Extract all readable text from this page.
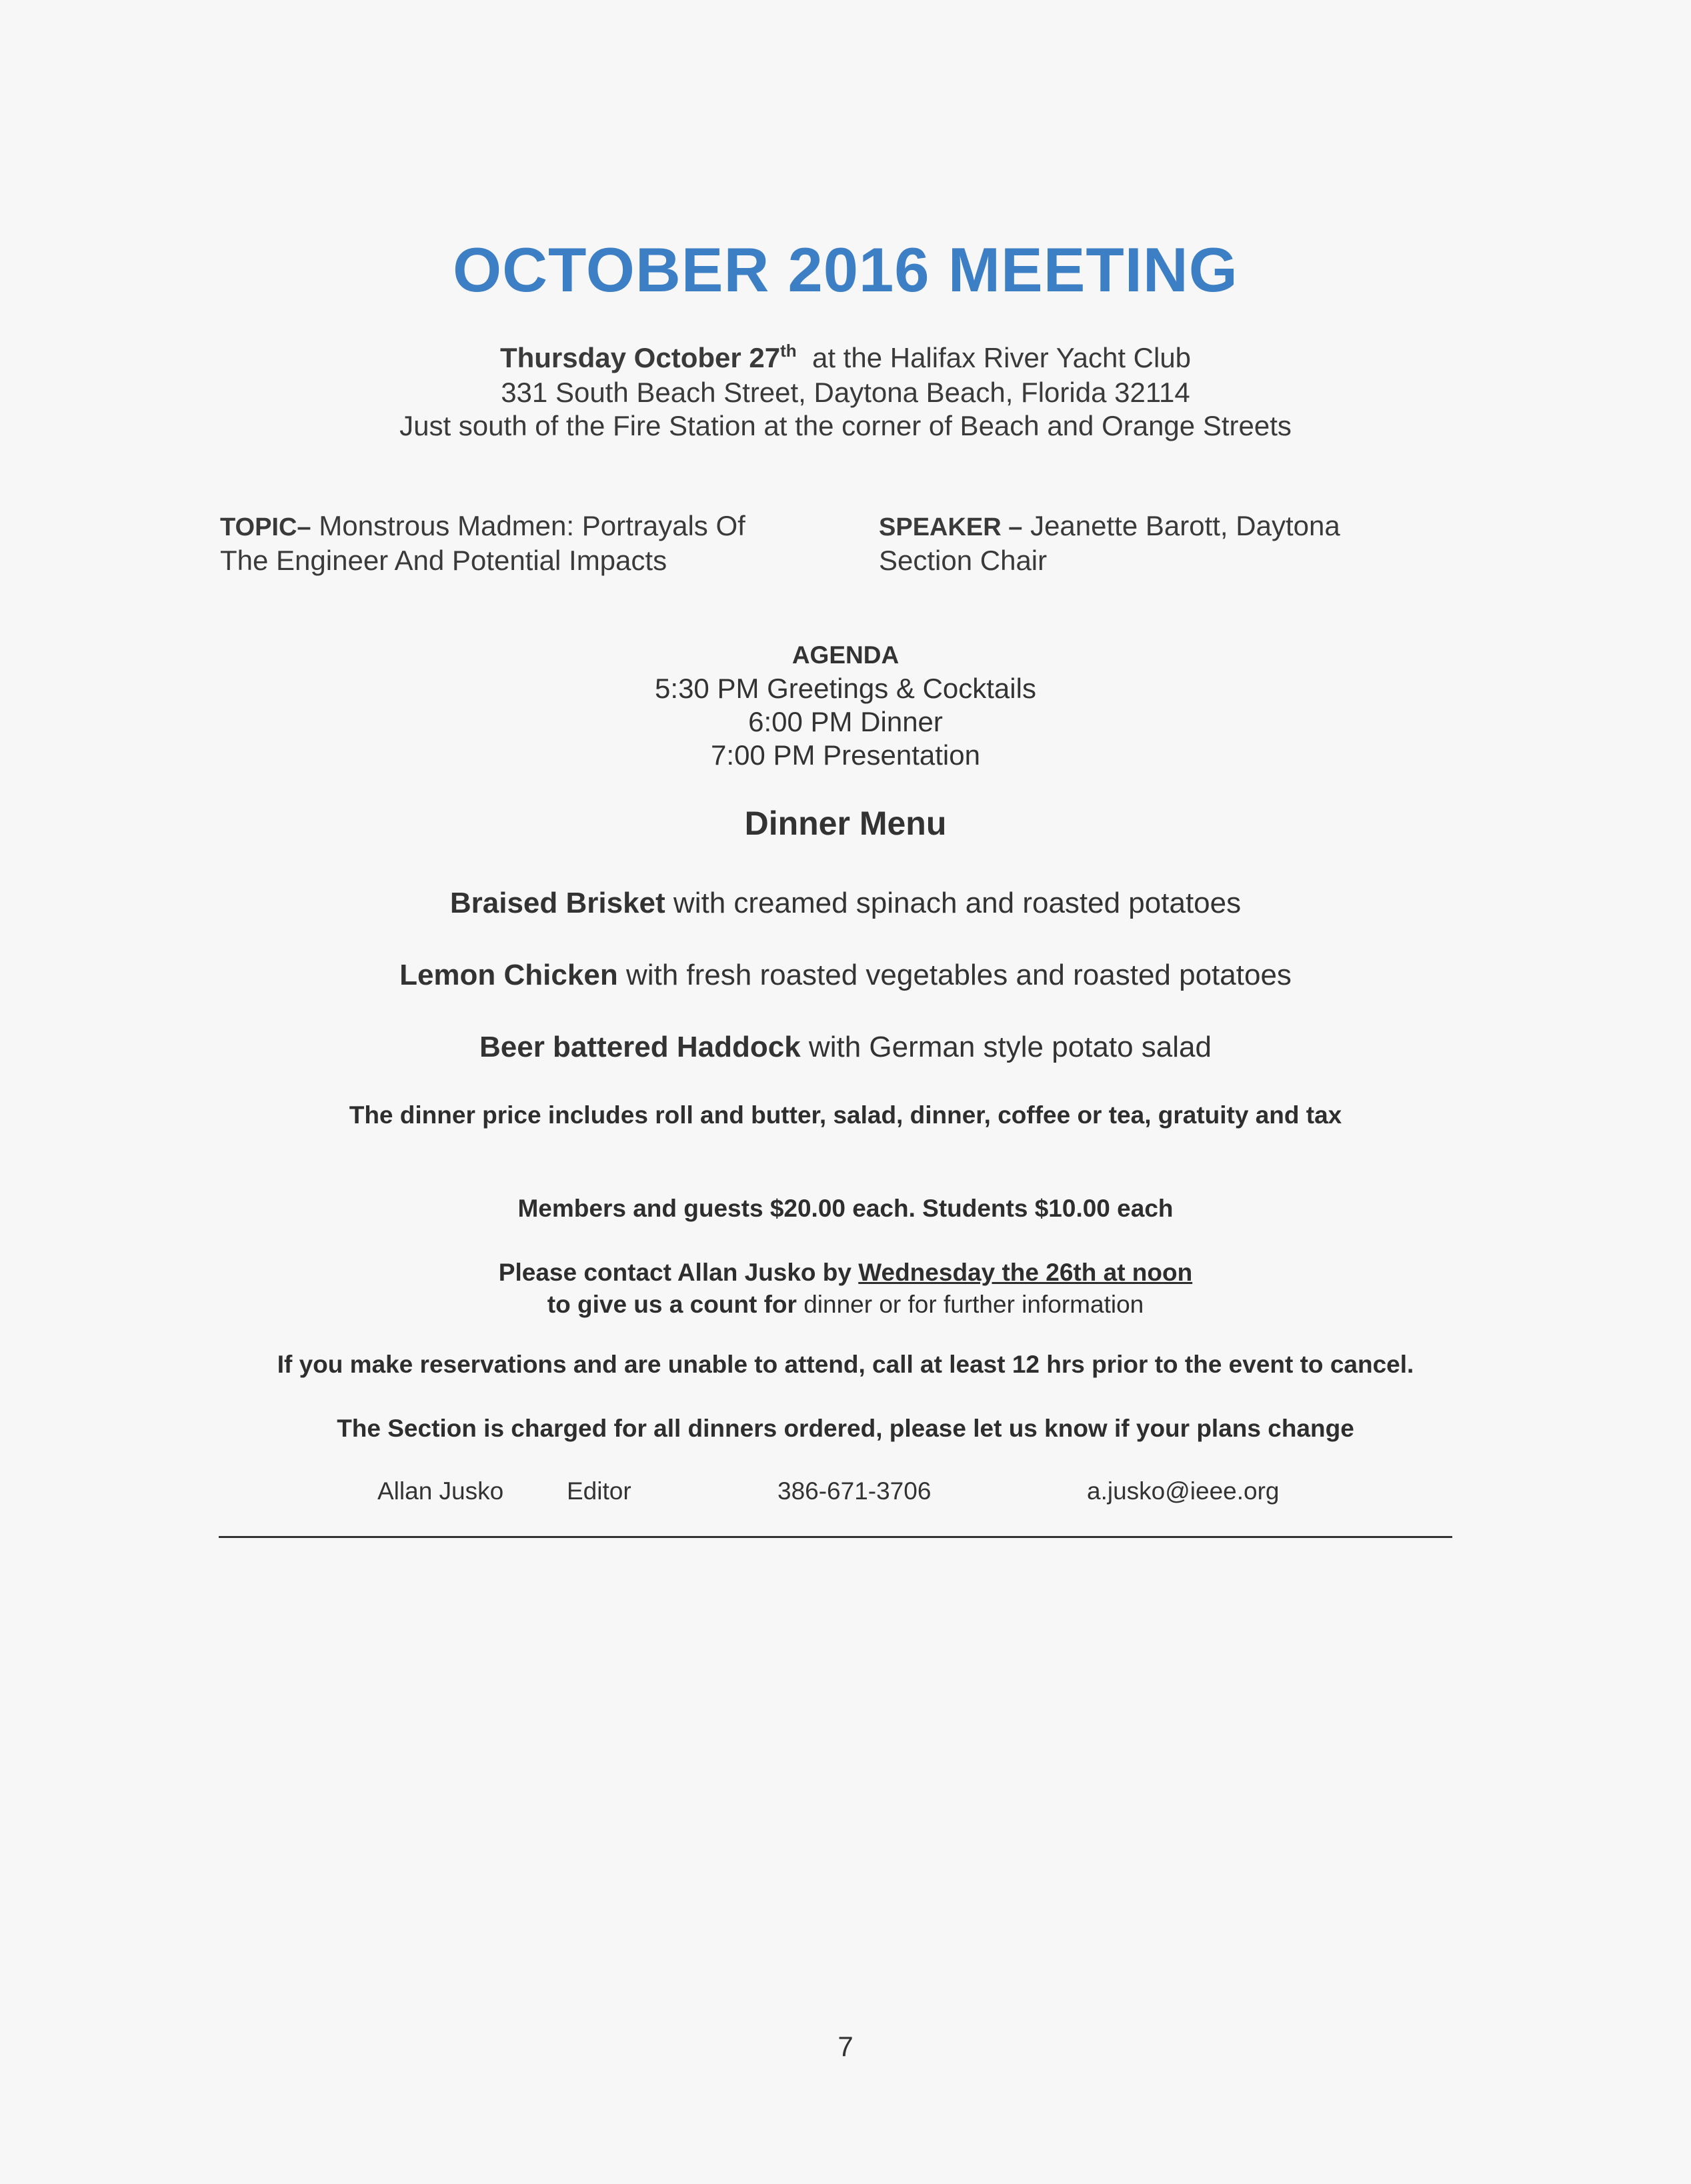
OCTOBER 2016 MEETING
Thursday October 27th at the Halifax River Yacht Club
331 South Beach Street, Daytona Beach, Florida 32114
Just south of the Fire Station at the corner of Beach and Orange Streets
TOPIC– Monstrous Madmen: Portrayals Of
The Engineer And Potential Impacts
SPEAKER – Jeanette Barott, Daytona
Section Chair
AGENDA
5:30 PM Greetings & Cocktails
6:00 PM Dinner
7:00 PM Presentation
Dinner Menu
Braised Brisket with creamed spinach and roasted potatoes
Lemon Chicken with fresh roasted vegetables and roasted potatoes
Beer battered Haddock with German style potato salad
The dinner price includes roll and butter, salad, dinner, coffee or tea, gratuity and tax
Members and guests $20.00 each. Students $10.00 each
Please contact Allan Jusko by Wednesday the 26th at noon
to give us a count for dinner or for further information
If you make reservations and are unable to attend, call at least 12 hrs prior to the event to cancel.
The Section is charged for all dinners ordered, please let us know if your plans change
Allan Jusko	Editor	386-671-3706	a.jusko@ieee.org
7
